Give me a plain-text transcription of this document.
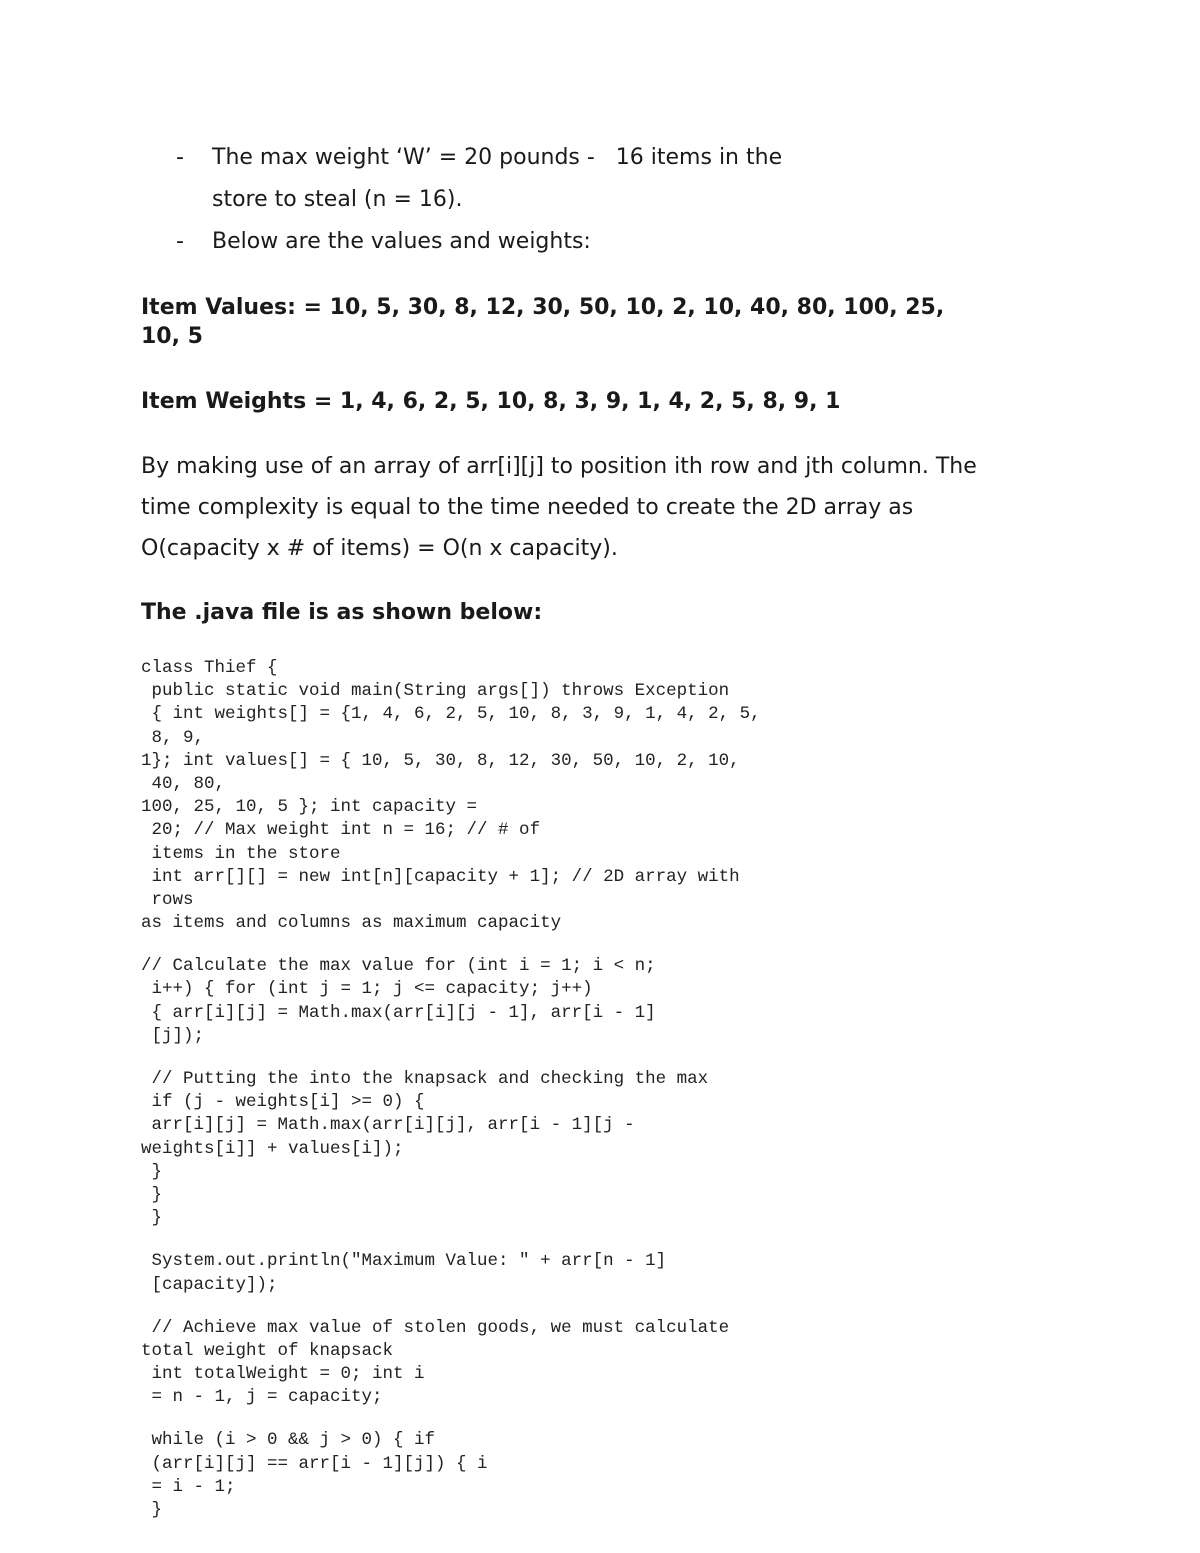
- The max weight ‘W’ = 20 pounds -   16 items in the
store to steal (n = 16).
- Below are the values and weights:
Item Values: = 10, 5, 30, 8, 12, 30, 50, 10, 2, 10, 40, 80, 100, 25,
10, 5
Item Weights = 1, 4, 6, 2, 5, 10, 8, 3, 9, 1, 4, 2, 5, 8, 9, 1
By making use of an array of arr[i][j] to position ith row and jth column. The
time complexity is equal to the time needed to create the 2D array as
O(capacity x # of items) = O(n x capacity).
The .java file is as shown below:
class Thief {
public static void main(String args[]) throws Exception
{ int weights[] = {1, 4, 6, 2, 5, 10, 8, 3, 9, 1, 4, 2, 5,
8, 9,
1}; int values[] = { 10, 5, 30, 8, 12, 30, 50, 10, 2, 10,
40, 80,
100, 25, 10, 5 }; int capacity =
20; // Max weight int n = 16; // # of
items in the store
int arr[][] = new int[n][capacity + 1]; // 2D array with
rows
as items and columns as maximum capacity
// Calculate the max value for (int i = 1; i < n;
i++) { for (int j = 1; j <= capacity; j++)
{ arr[i][j] = Math.max(arr[i][j - 1], arr[i - 1]
[j]);
// Putting the into the knapsack and checking the max
if (j - weights[i] >= 0) {
arr[i][j] = Math.max(arr[i][j], arr[i - 1][j -
weights[i]] + values[i]);
}
}
}
System.out.println("Maximum Value: " + arr[n - 1]
[capacity]);
// Achieve max value of stolen goods, we must calculate
total weight of knapsack
int totalWeight = 0; int i
= n - 1, j = capacity;
while (i > 0 && j > 0) { if
(arr[i][j] == arr[i - 1][j]) { i
= i - 1;
}
